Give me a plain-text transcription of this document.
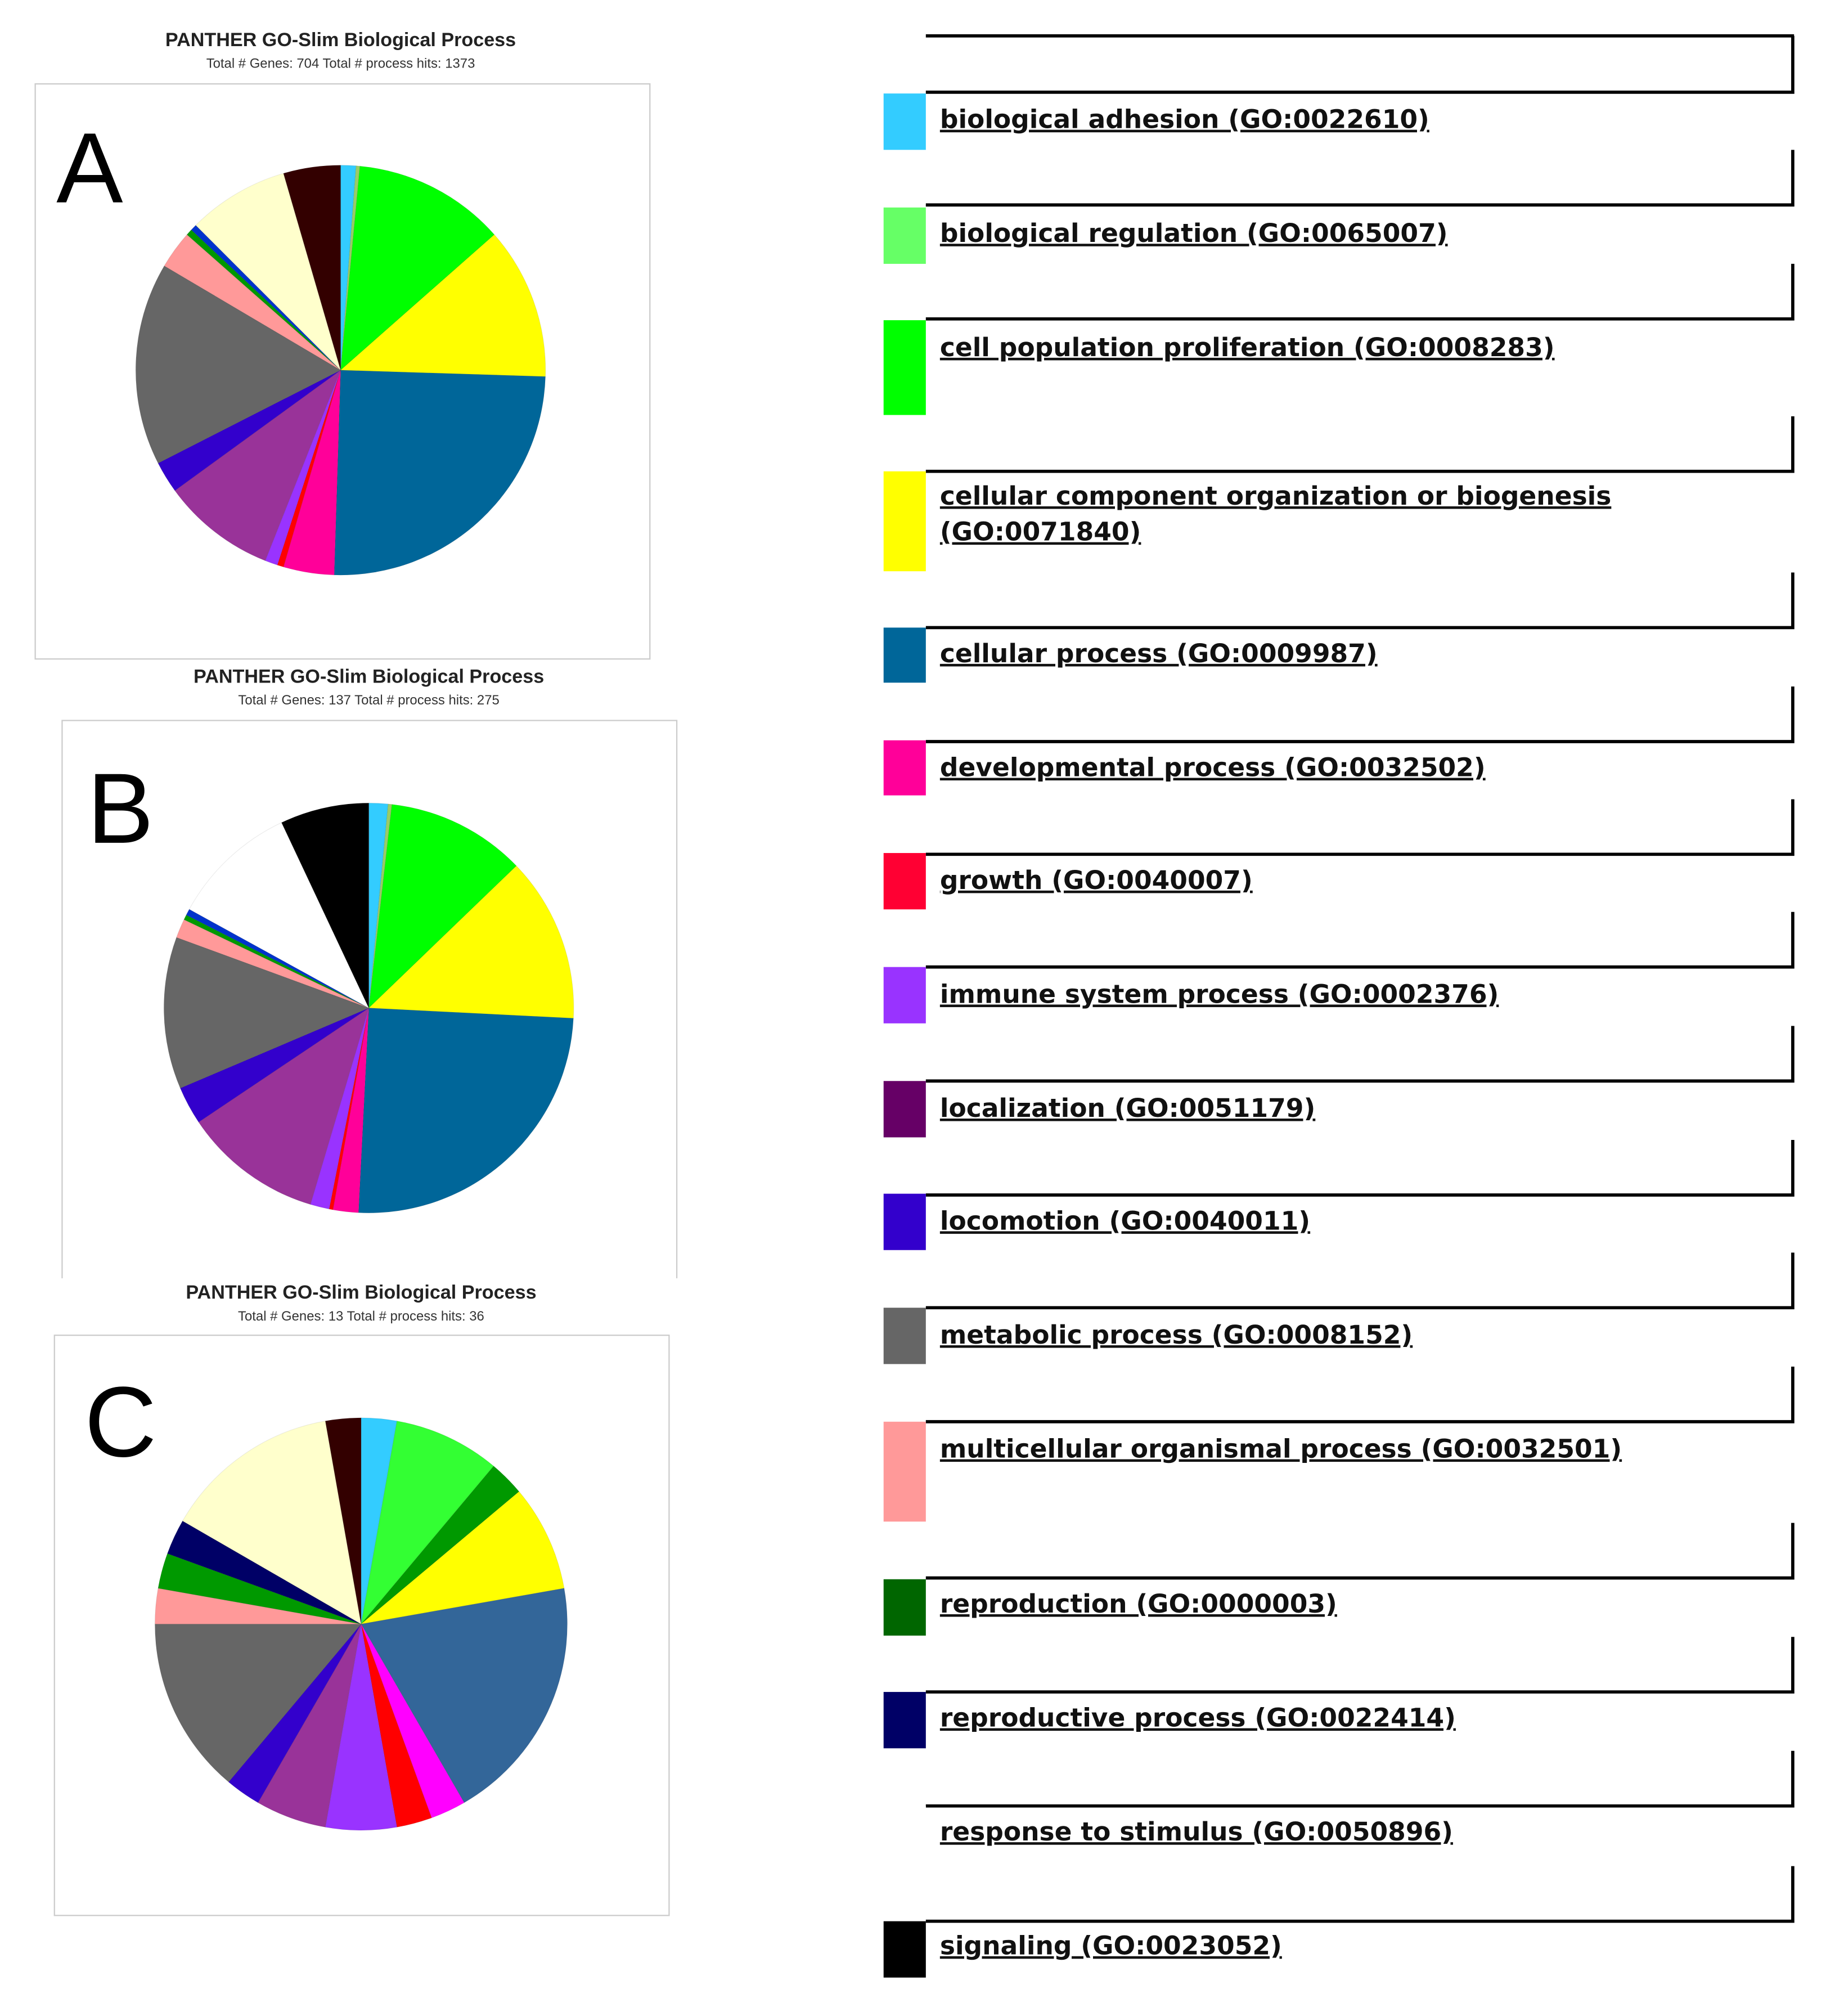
PANTHER GO-Slim Biological Process
Total # Genes: 704 Total # process hits: 1373
A
PANTHER GO-Slim Biological Process
Total # Genes: 137 Total # process hits: 275
B
PANTHER GO-Slim Biological Process
Total # Genes: 13 Total # process hits: 36
C
biological adhesion (GO:0022610)
biological regulation (GO:0065007)
cell population proliferation (GO:0008283)
cellular component organization or biogenesis
(GO:0071840)
cellular process (GO:0009987)
developmental process (GO:0032502)
growth (GO:0040007)
immune system process (GO:0002376)
localization (GO:0051179)
locomotion (GO:0040011)
metabolic process (GO:0008152)
multicellular organismal process (GO:0032501)
reproduction (GO:0000003)
reproductive process (GO:0022414)
response to stimulus (GO:0050896)
signaling (GO:0023052)
